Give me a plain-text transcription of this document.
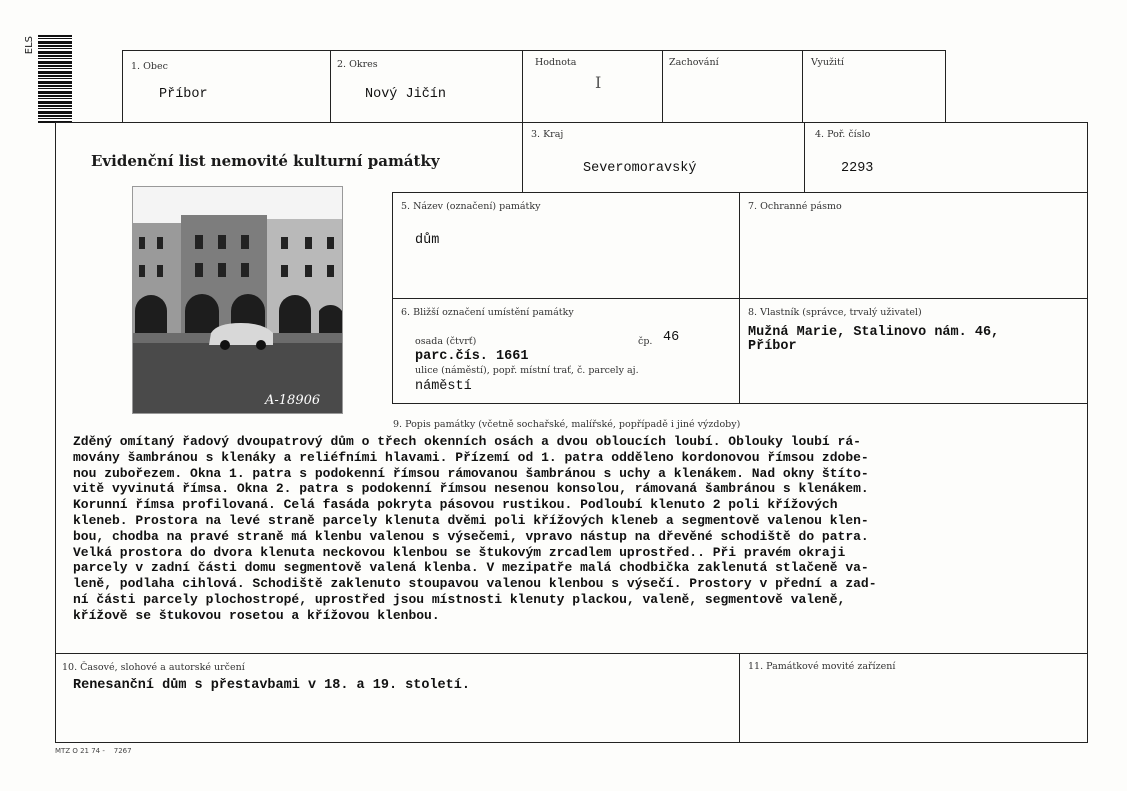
ELS
1. Obec
Příbor
2. Okres
Nový Jičín
Hodnota
I
Zachování	Využití
Evidenční list nemovité kulturní památky
3. Kraj
Severomoravský
4. Poř. číslo
2293
A-18906
5. Název (označení) památky
dům
7. Ochranné pásmo
6. Bližší označení umístění památky
osada (čtvrť)	čp. 46
parc.čís. 1661
ulice (náměstí), popř. místní trať, č. parcely aj.
náměstí
8. Vlastník (správce, trvalý uživatel)
Mužná Marie, Stalinovo nám. 46,
Příbor
9. Popis památky (včetně sochařské, malířské, popřípadě i jiné výzdoby)
Zděný omítaný řadový dvoupatrový dům o třech okenních osách a dvou obloucích loubí. Oblouky loubí rá-
movány šambránou s klenáky a reliéfními hlavami. Přízemí od 1. patra odděleno kordonovou římsou zdobe-
nou zubořezem. Okna 1. patra s podokenní římsou rámovanou šambránou s uchy a klenákem. Nad okny štíto-
vitě vyvinutá římsa. Okna 2. patra s podokenní římsou nesenou konsolou, rámovaná šambránou s klenákem.
Korunní římsa profilovaná. Celá fasáda pokryta pásovou rustikou. Podloubí klenuto 2 poli křížových
kleneb. Prostora na levé straně parcely klenuta dvěmi poli křížových kleneb a segmentově valenou klen-
bou, chodba na pravé straně má klenbu valenou s výsečemi, vpravo nástup na dřevěné schodiště do patra.
Velká prostora do dvora klenuta neckovou klenbou se štukovým zrcadlem uprostřed.. Při pravém okraji
parcely v zadní části domu segmentově valená klenba. V mezipatře malá chodbička zaklenutá stlačeně va-
leně, podlaha cihlová. Schodiště zaklenuto stoupavou valenou klenbou s výsečí. Prostory v přední a zad-
ní části parcely plochostropé, uprostřed jsou místnosti klenuty plackou, valeně, segmentově valeně,
křížově se štukovou rosetou a křížovou klenbou.
10. Časové, slohové a autorské určení
Renesanční dům s přestavbami v 18. a 19. století.
11. Památkové movité zařízení
MTZ O 21 74 -    7267
